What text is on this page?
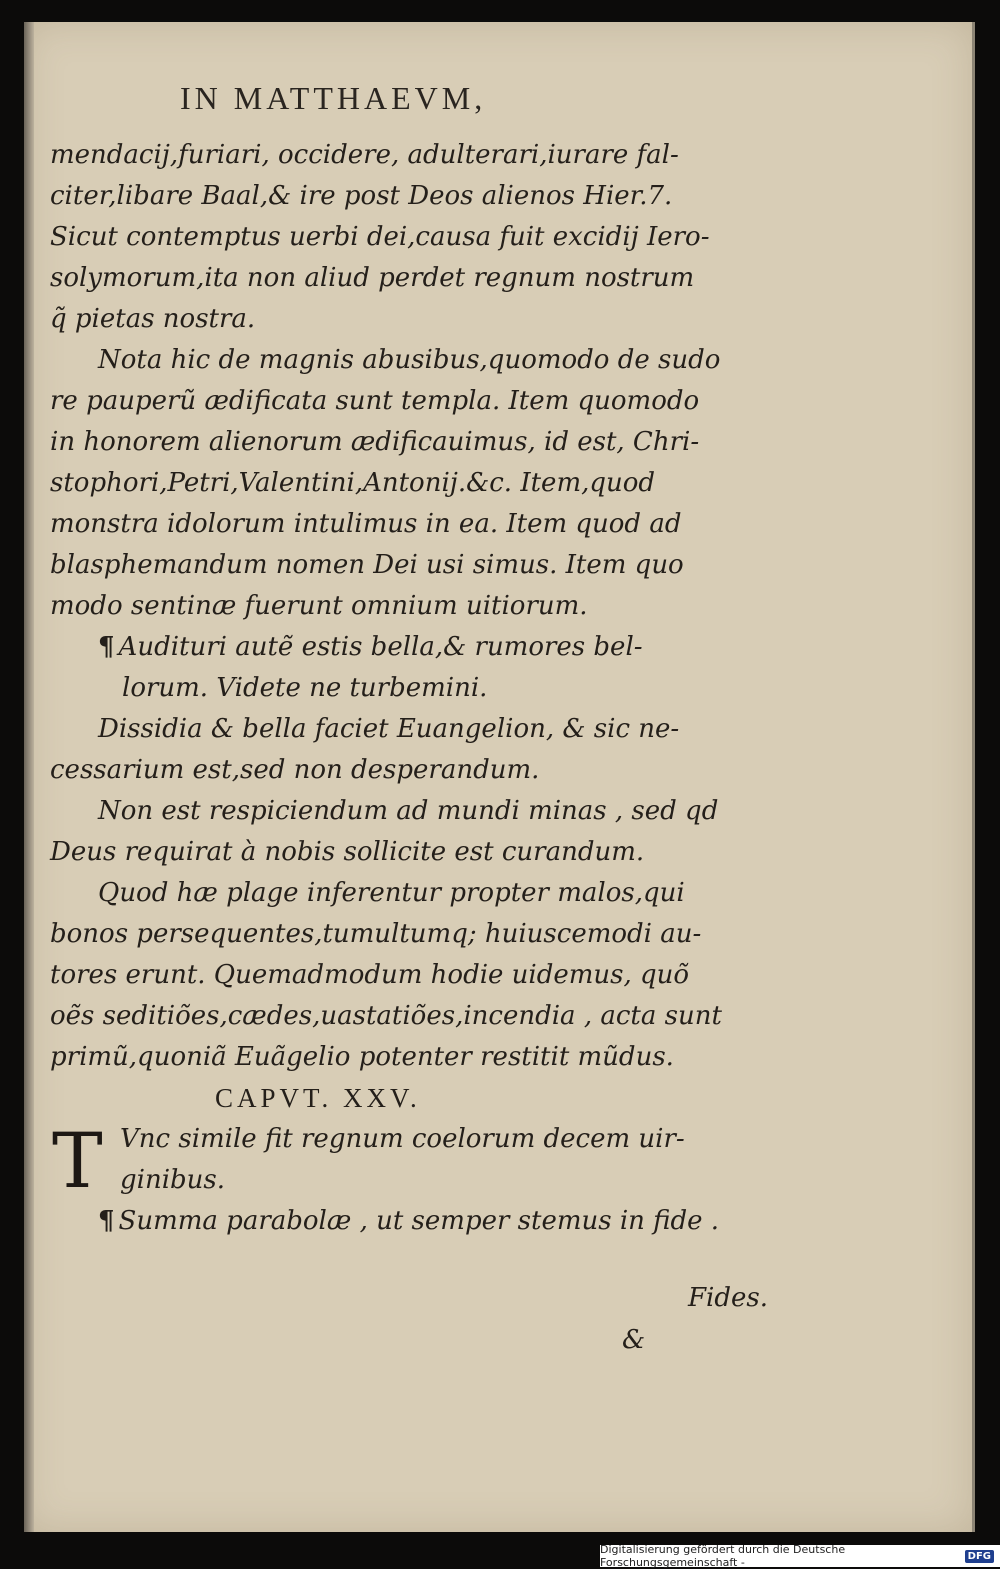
IN MATTHAEVM,
mendacij,furiari, occidere, adulterari,iurare fal-
citer,libare Baal,& ire post Deos alienos Hier.7.
Sicut contemptus uerbi dei,causa fuit excidij Iero-
solymorum,ita non aliud perdet regnum nostrum
q̃ pietas nostra.
Nota hic de magnis abusibus,quomodo de sudo
re pauperũ ædificata sunt templa. Item quomodo
in honorem alienorum ædificauimus, id est, Chri-
stophori,Petri,Valentini,Antonij.&c. Item,quod
monstra idolorum intulimus in ea. Item quod ad
blasphemandum nomen Dei usi simus. Item quo
modo sentinæ fuerunt omnium uitiorum.
¶ Audituri autẽ estis bella,& rumores bel-
lorum. Videte ne turbemini.
Dissidia & bella faciet Euangelion, & sic ne-
cessarium est,sed non desperandum.
Non est respiciendum ad mundi minas , sed qd
Deus requirat à nobis sollicite est curandum.
Quod hæ plage inferentur propter malos,qui
bonos persequentes,tumultumq; huiuscemodi au-
tores erunt. Quemadmodum hodie uidemus, quõ
oẽs seditiões,cædes,uastatiões,incendia , acta sunt
primũ,quoniã Euãgelio potenter restitit mũdus.
CAPVT. XXV.
T Vnc simile fit regnum coelorum decem uir-
ginibus.
¶ Summa parabolæ , ut semper stemus in fide .
Fides.
&
Digitalisierung gefördert durch die Deutsche Forschungsgemeinschaft -	DFG
